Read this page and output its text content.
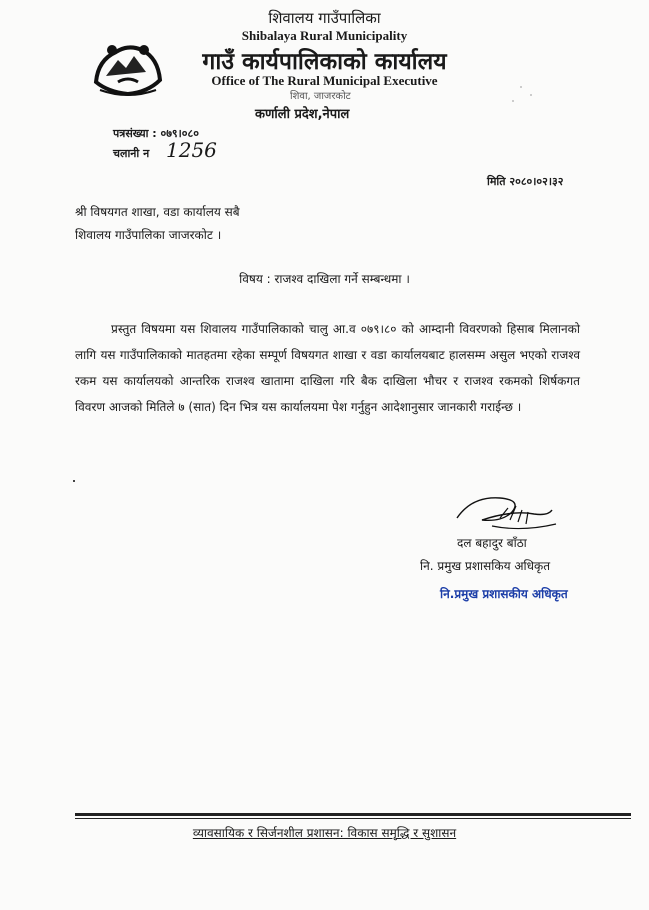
शिवालय गाउँपालिका
Shibalaya Rural Municipality
गाउँ कार्यपालिकाको कार्यालय
Office of The Rural Municipal Executive
शिवा, जाजरकोट
कर्णाली प्रदेश,नेपाल
पत्रसंख्या : ०७९।०८०
चलानी न 1256
मिति २०८०।०२।३२
श्री विषयगत शाखा, वडा कार्यालय सबै
शिवालय गाउँपालिका जाजरकोट ।
विषय : राजश्व दाखिला गर्ने सम्बन्धमा ।
प्रस्तुत विषयमा यस शिवालय गाउँपालिकाको चालु आ.व ०७९।८० को आम्दानी विवरणको हिसाब मिलानको लागि यस गाउँपालिकाको मातहतमा रहेका सम्पूर्ण विषयगत शाखा र वडा कार्यालयबाट हालसम्म असुल भएको राजश्व रकम यस कार्यालयको आन्तरिक राजश्व खातामा दाखिला गरि बैक दाखिला भौचर र राजश्व रकमको शिर्षकगत विवरण आजको मितिले ७ (सात) दिन भित्र यस कार्यालयमा पेश गर्नुहुन आदेशानुसार जानकारी गराईन्छ ।
दल बहादुर बाँठा
नि. प्रमुख प्रशासकिय अधिकृत
नि.प्रमुख प्रशासकीय अधिकृत
व्यावसायिक र सिर्जनशील प्रशासन: विकास समृद्धि र सुशासन
